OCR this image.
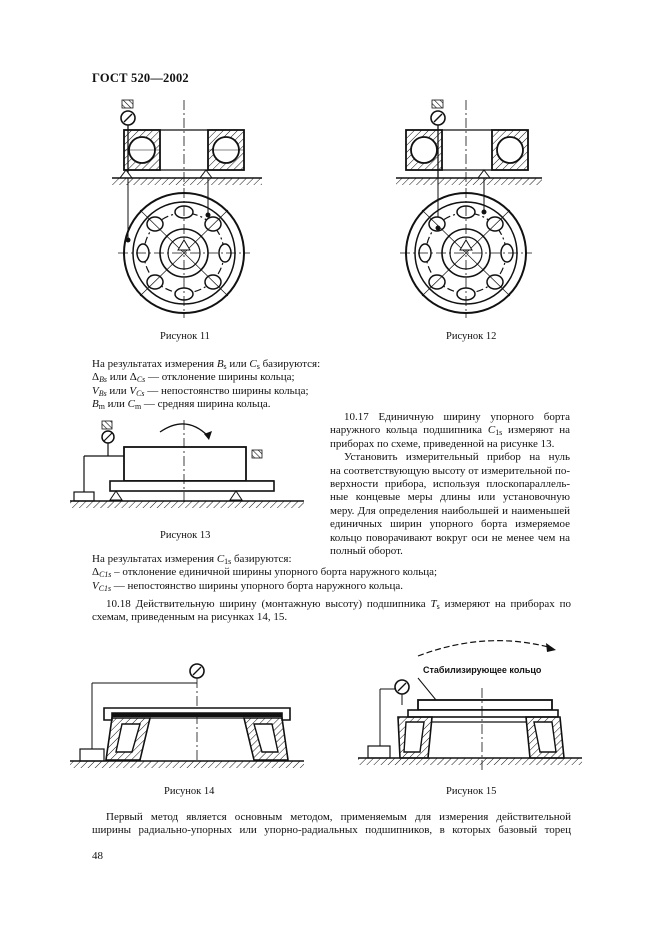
ГОСТ 520—2002
Стабилизирующее кольцо
Рисунок 11	Рисунок 12
Рисунок 13
Рисунок 14	Рисунок 15
На результатах измерения $B_s$ или $C_s$ базируются:
$\Delta_{Bs}$ или $\Delta_{Cs}$ — отклонение ширины кольца;
$V_{Bs}$ или $V_{Cs}$ — непостоянство ширины кольца;
$B_m$ или $C_m$ — средняя ширина кольца.
10.17 Единичную ширину упорного борта
наружного кольца подшипника $C_{1s}$ измеряют на
приборах по схеме, приведенной на рисунке 13.
Установить измерительный прибор на нуль
на соответствующую высоту от измерительной по-
верхности прибора, используя плоскопараллель-
ные концевые меры длины или установочную
меру. Для определения наибольшей и наименьшей
единичных ширин упорного борта измеряемое
кольцо поворачивают вокруг оси не менее чем на
полный оборот.
На результатах измерения $C_{1s}$ базируются:
$\Delta_{C1s}$ – отклонение единичной ширины упорного борта наружного кольца;
$V_{C1s}$ — непостоянство ширины упорного борта наружного кольца.
10.18 Действительную ширину (монтажную высоту) подшипника $T_s$ измеряют на приборах по
схемам, приведенным на рисунках 14, 15.
Первый метод является основным методом, применяемым для измерения действительной
ширины радиально-упорных или упорно-радиальных подшипников, в которых базовый торец
48
